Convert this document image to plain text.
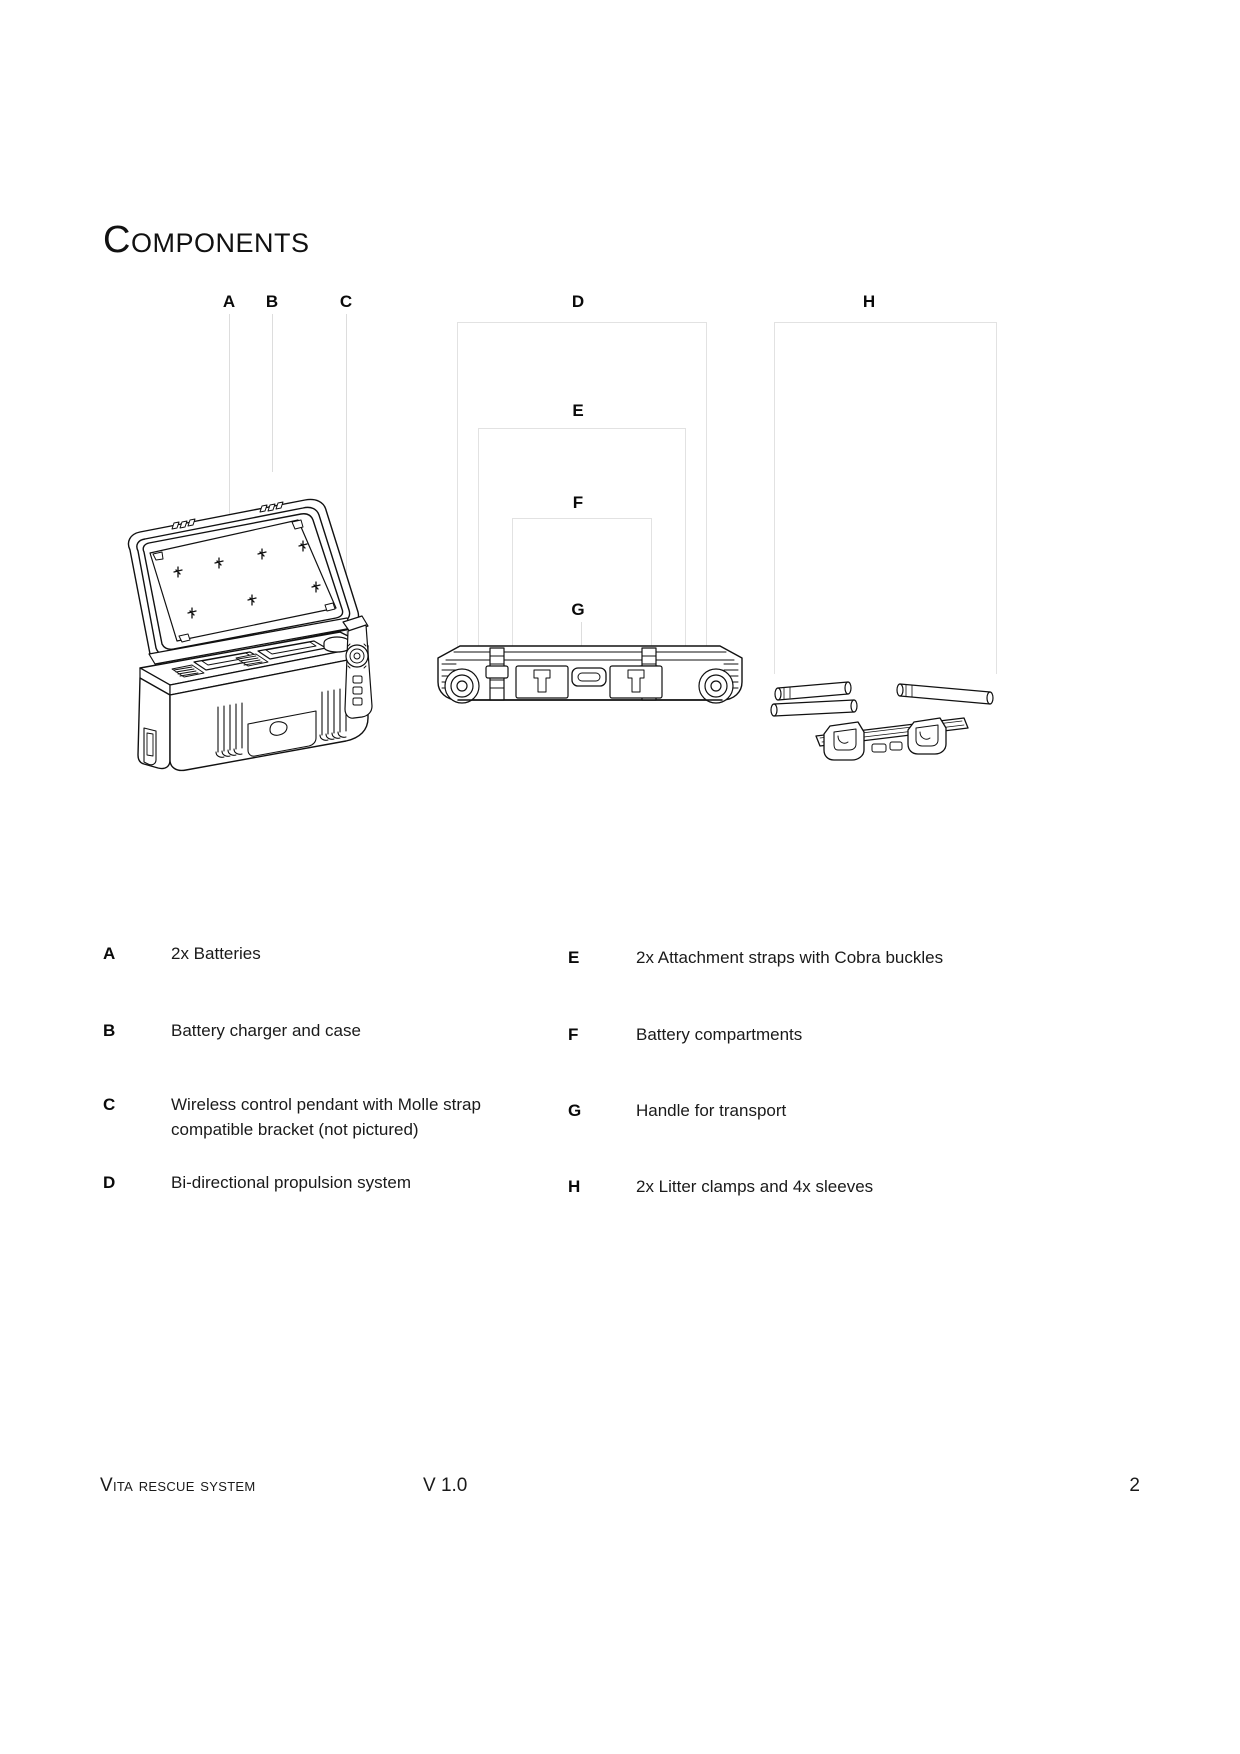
Components
A	B	C	D
E
F
G
H
A	2x Batteries
B	Battery charger and case
C	Wireless control pendant with Molle strap compatible bracket (not pictured)
D	Bi-directional propulsion system
E	2x Attachment straps with Cobra buckles
F	Battery compartments
G	Handle for transport
H	2x Litter clamps and 4x sleeves
Vita rescue system	V 1.0	2
